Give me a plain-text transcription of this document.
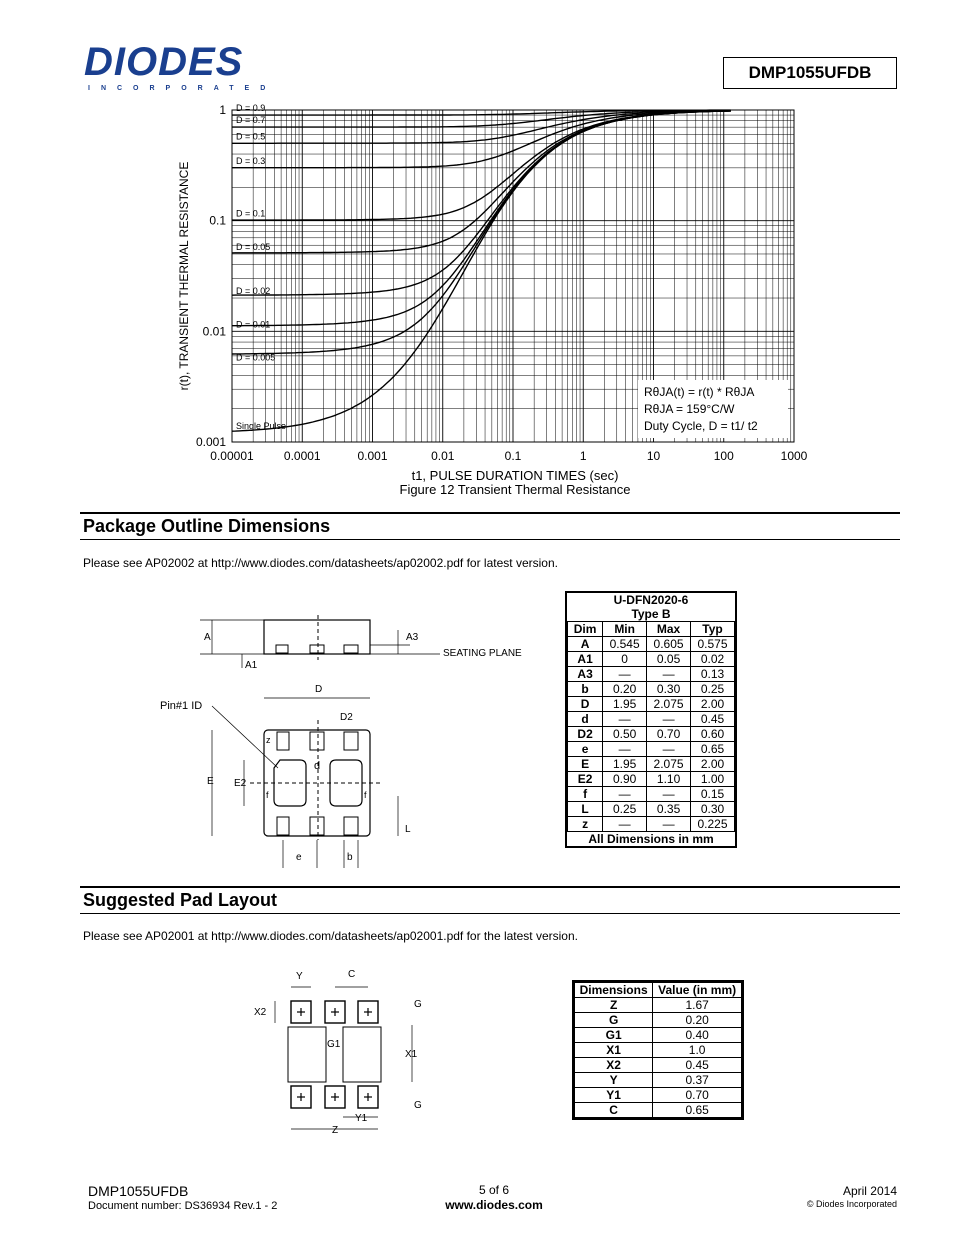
DIODES
INCORPORATED
DMP1055UFDB
0.00001	0.0001	0.001	0.01	0.1	1	10	100	1000
1
0.1
0.01
0.001
r(t), TRANSIENT THERMAL RESISTANCE
D = 0.9
D = 0.7
D = 0.5
D = 0.3
D = 0.1
D = 0.05
D = 0.02
D = 0.01
D = 0.005
Single Pulse
RθJA(t) = r(t) * RθJA
RθJA = 159°C/W
Duty Cycle, D = t1/ t2
t1, PULSE DURATION TIMES (sec)
Figure 12 Transient Thermal Resistance
Package Outline Dimensions
Please see AP02002 at http://www.diodes.com/datasheets/ap02002.pdf for latest version.
A
A1
A3
SEATING PLANE
D
D2
Pin#1 ID
z
d
E E2
f	f
L
e	b
U-DFN2020-6
Type B
Dim	Min	Max	Typ
A	0.545	0.605	0.575
A1	0	0.05	0.02
A3	—	—	0.13
b	0.20	0.30	0.25
D	1.95	2.075	2.00
d	—	—	0.45
D2	0.50	0.70	0.60
e	—	—	0.65
E	1.95	2.075	2.00
E2	0.90	1.10	1.00
f	—	—	0.15
L	0.25	0.35	0.30
z	—	—	0.225
All Dimensions in mm
Suggested Pad Layout
Please see AP02001 at http://www.diodes.com/datasheets/ap02001.pdf for the latest version.
Y	C
X2
G
G1
X1
G
Y1
Z
Dimensions	Value (in mm)
Z	1.67
G	0.20
G1	0.40
X1	1.0
X2	0.45
Y	0.37
Y1	0.70
C	0.65
DMP1055UFDB
Document number: DS36934 Rev.1 - 2
5 of 6
www.diodes.com
April 2014
© Diodes Incorporated
